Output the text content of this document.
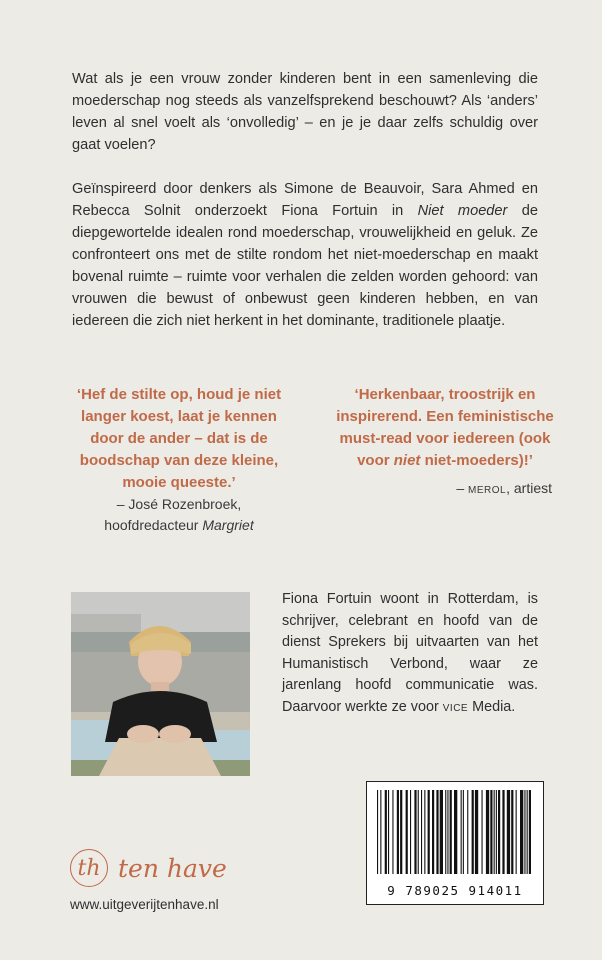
Wat als je een vrouw zonder kinderen bent in een samenleving die moederschap nog steeds als vanzelfsprekend beschouwt? Als ‘anders’ leven al snel voelt als ‘onvolledig’ – en je je daar zelfs schuldig over gaat voelen?

Geïnspireerd door denkers als Simone de Beauvoir, Sara Ahmed en Rebecca Solnit onderzoekt Fiona Fortuin in Niet moeder de diepgewortelde idealen rond moederschap, vrouwelijkheid en geluk. Ze confronteert ons met de stilte rondom het niet-moederschap en maakt bovenal ruimte – ruimte voor verhalen die zelden worden gehoord: van vrouwen die bewust of onbewust geen kinderen hebben, en van iedereen die zich niet herkent in het dominante, traditionele plaatje.

‘Hef de stilte op, houd je niet langer koest, laat je kennen door de ander – dat is de boodschap van deze kleine, mooie queeste.’
– José Rozenbroek,
hoofdredacteur Margriet
‘Herkenbaar, troostrijk en inspirerend. Een feministische must-read voor iedereen (ook voor niet niet-moeders)!’
– merol, artiest

Fiona Fortuin woont in Rotterdam, is schrijver, celebrant en hoofd van de dienst Sprekers bij uitvaarten van het Humanistisch Verbond, waar ze jarenlang hoofd communicatie was. Daarvoor werkte ze voor vice Media.

9 789025 914011
th ten have
www.uitgeverijtenhave.nl
